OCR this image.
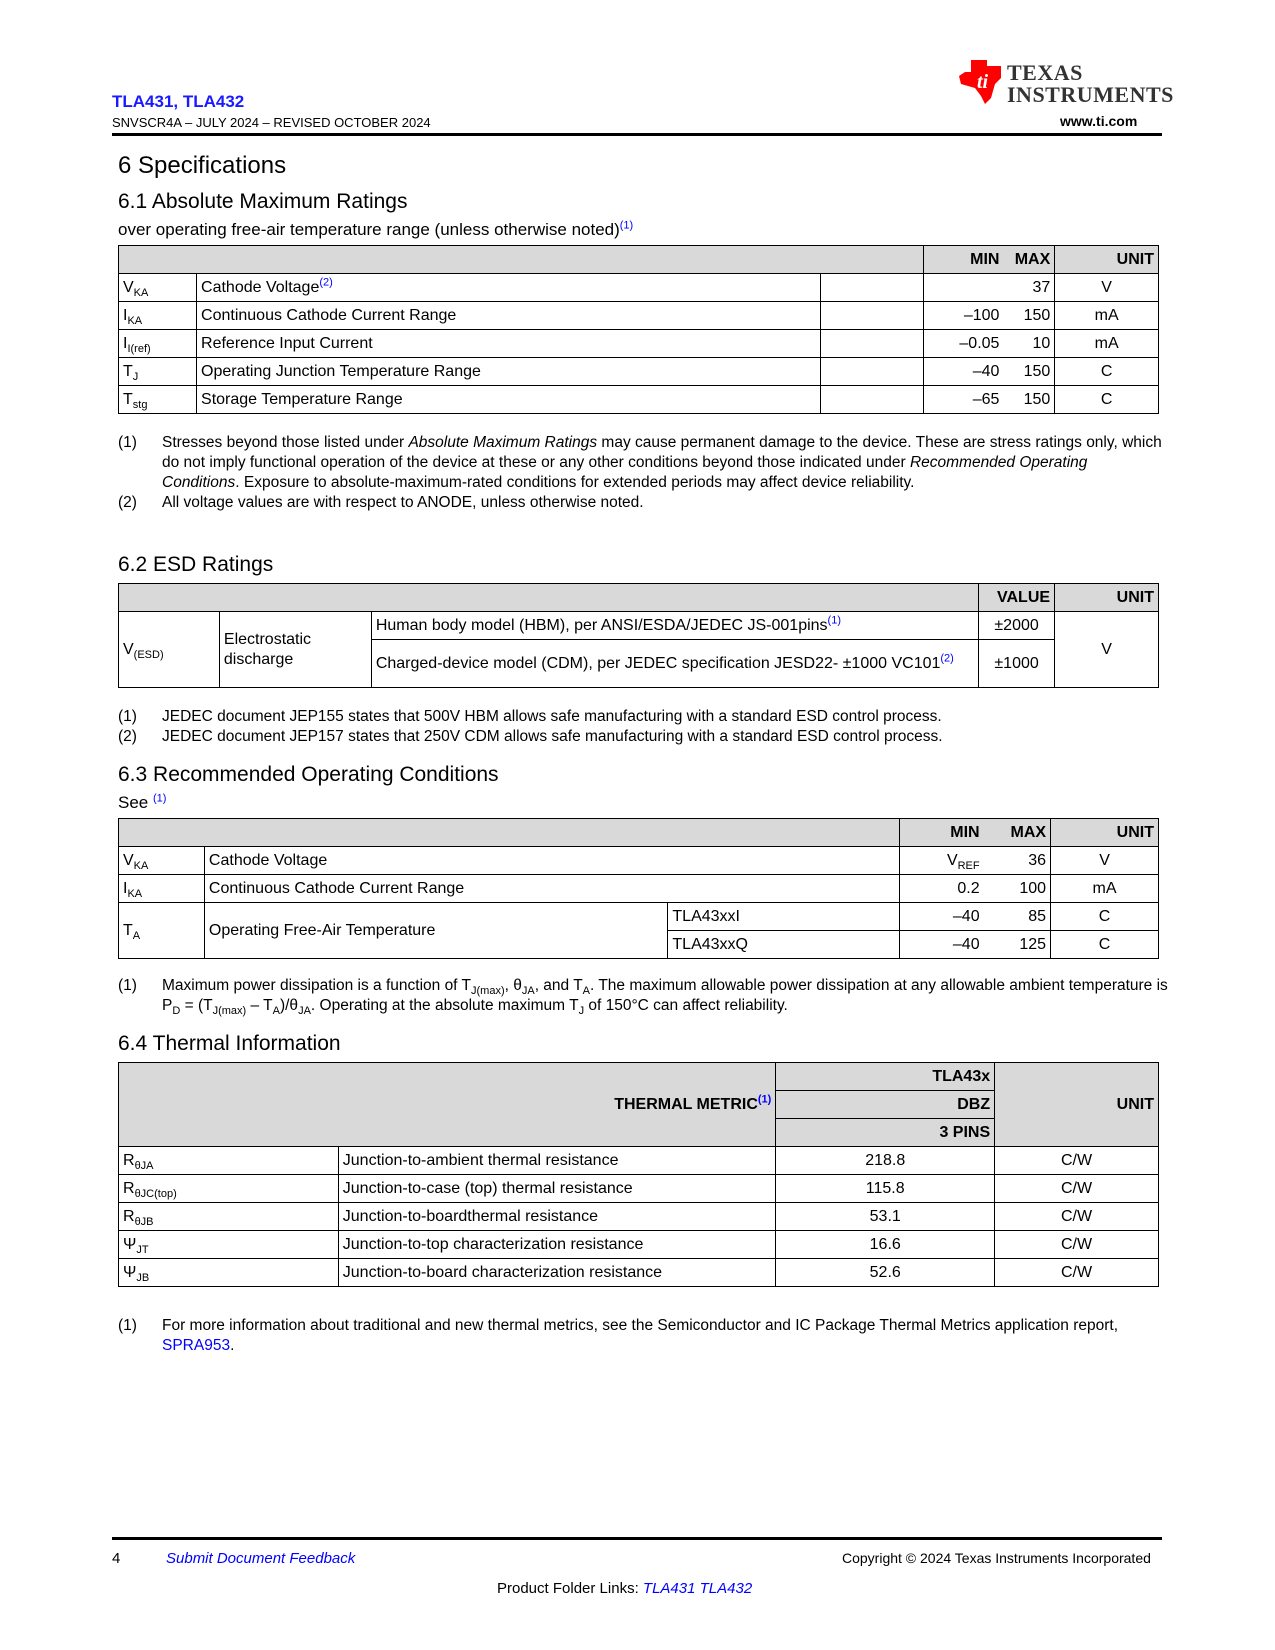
TLA431, TLA432
SNVSCR4A – JULY 2024 – REVISED OCTOBER 2024
ti TEXAS
INSTRUMENTS
www.ti.com
6 Specifications
6.1 Absolute Maximum Ratings
over operating free-air temperature range (unless otherwise noted)$^{(1)}$
			MIN	MAX	UNIT
$V_{KA}$	Cathode Voltage$^{(2)}$			37	V
$I_{KA}$	Continuous Cathode Current Range		–100	150	mA
$I_{I(ref)}$	Reference Input Current		–0.05	10	mA
$T_J$	Operating Junction Temperature Range		–40	150	C
$T_{stg}$	Storage Temperature Range		–65	150	C
(1)	Stresses beyond those listed under Absolute Maximum Ratings may cause permanent damage to the device. These are stress ratings only, which do not imply functional operation of the device at these or any other conditions beyond those indicated under Recommended Operating Conditions. Exposure to absolute-maximum-rated conditions for extended periods may affect device reliability.
(2)	All voltage values are with respect to ANODE, unless otherwise noted.
6.2 ESD Ratings
			VALUE	UNIT
$V_{(ESD)}$	Electrostatic discharge	Human body model (HBM), per ANSI/ESDA/JEDEC JS-001pins$^{(1)}$	±2000	V
		Charged-device model (CDM), per JEDEC specification JESD22- ±1000 VC101$^{(2)}$	±1000	
(1)	JEDEC document JEP155 states that 500V HBM allows safe manufacturing with a standard ESD control process.
(2)	JEDEC document JEP157 states that 250V CDM allows safe manufacturing with a standard ESD control process.
6.3 Recommended Operating Conditions
See $^{(1)}$
			MIN	MAX	UNIT
$V_{KA}$	Cathode Voltage		$V_{REF}$	36	V
$I_{KA}$	Continuous Cathode Current Range		0.2	100	mA
$T_A$	Operating Free-Air Temperature	TLA43xxI	–40	85	C
		TLA43xxQ	–40	125	C
(1)	Maximum power dissipation is a function of $T_{J(max)}$, $\theta_{JA}$, and $T_A$. The maximum allowable power dissipation at any allowable ambient temperature is $P_D = (T_{J(max)} - T_A)/\theta_{JA}$. Operating at the absolute maximum $T_J$ of 150°C can affect reliability.
6.4 Thermal Information
THERMAL METRIC$^{(1)}$		TLA43x	UNIT
		DBZ	
		3 PINS	
$R_{\theta JA}$	Junction-to-ambient thermal resistance	218.8	C/W
$R_{\theta JC(top)}$	Junction-to-case (top) thermal resistance	115.8	C/W
$R_{\theta JB}$	Junction-to-boardthermal resistance	53.1	C/W
$\Psi_{JT}$	Junction-to-top characterization resistance	16.6	C/W
$\Psi_{JB}$	Junction-to-board characterization resistance	52.6	C/W
(1)	For more information about traditional and new thermal metrics, see the Semiconductor and IC Package Thermal Metrics application report, SPRA953.
4	Submit Document Feedback	Copyright © 2024 Texas Instruments Incorporated
Product Folder Links: TLA431 TLA432
